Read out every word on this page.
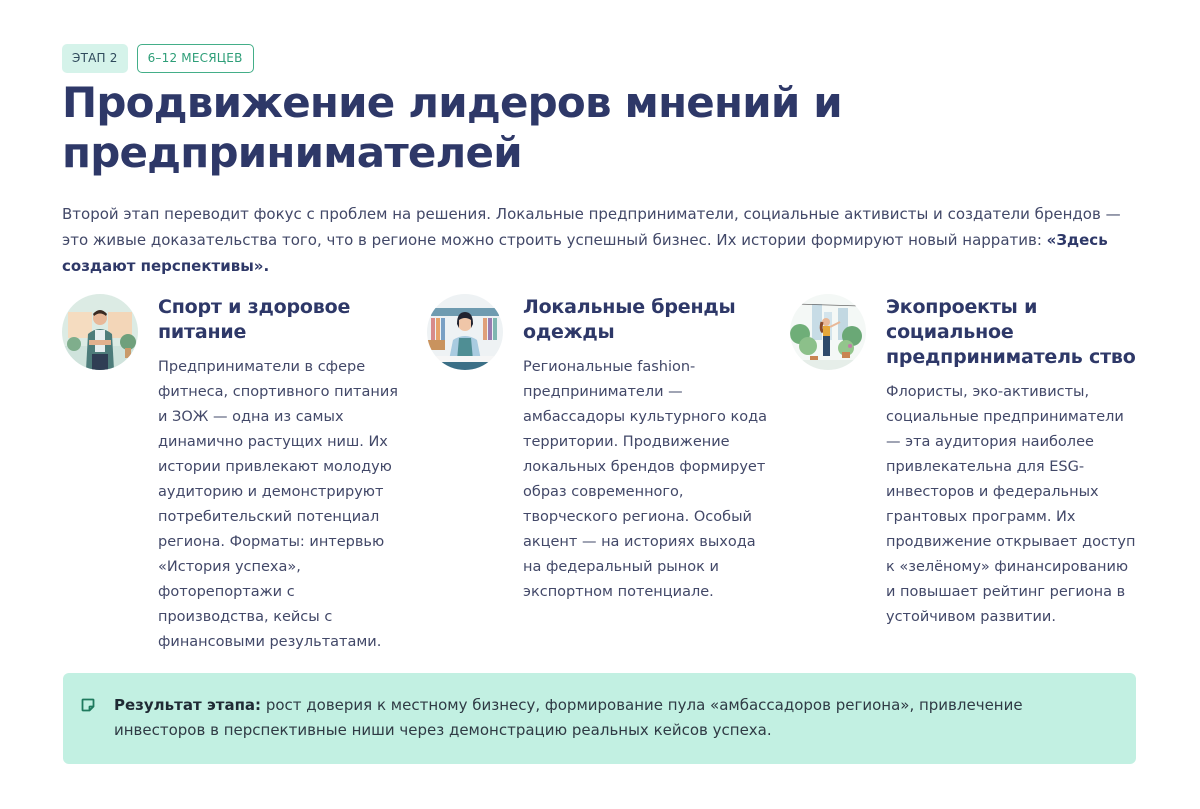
ЭТАП 2	6–12 МЕСЯЦЕВ
Продвижение лидеров мнений и
предпринимателей

Второй этап переводит фокус с проблем на решения. Локальные предприниматели, социальные активисты и создатели брендов — это живые доказательства того, что в регионе можно строить успешный бизнес. Их истории формируют новый нарратив: «Здесь создают перспективы».

Спорт и здоровое питание

Предприниматели в сфере фитнеса, спортивного питания и ЗОЖ — одна из самых динамично растущих ниш. Их истории привлекают молодую аудиторию и демонстрируют потребительский потенциал региона. Форматы: интервью «История успеха», фоторепортажи с производства, кейсы с финансовыми результатами.

Локальные бренды одежды

Региональные fashion-предприниматели — амбассадоры культурного кода территории. Продвижение локальных брендов формирует образ современного, творческого региона. Особый акцент — на историях выхода на федеральный рынок и экспортном потенциале.

Экопроекты и социальное предприниматель ство

Флористы, эко-активисты, социальные предприниматели — эта аудитория наиболее привлекательна для ESG-инвесторов и федеральных грантовых программ. Их продвижение открывает доступ к «зелёному» финансированию и повышает рейтинг региона в устойчивом развитии.

Результат этапа: рост доверия к местному бизнесу, формирование пула «амбассадоров региона», привлечение инвесторов в перспективные ниши через демонстрацию реальных кейсов успеха.
